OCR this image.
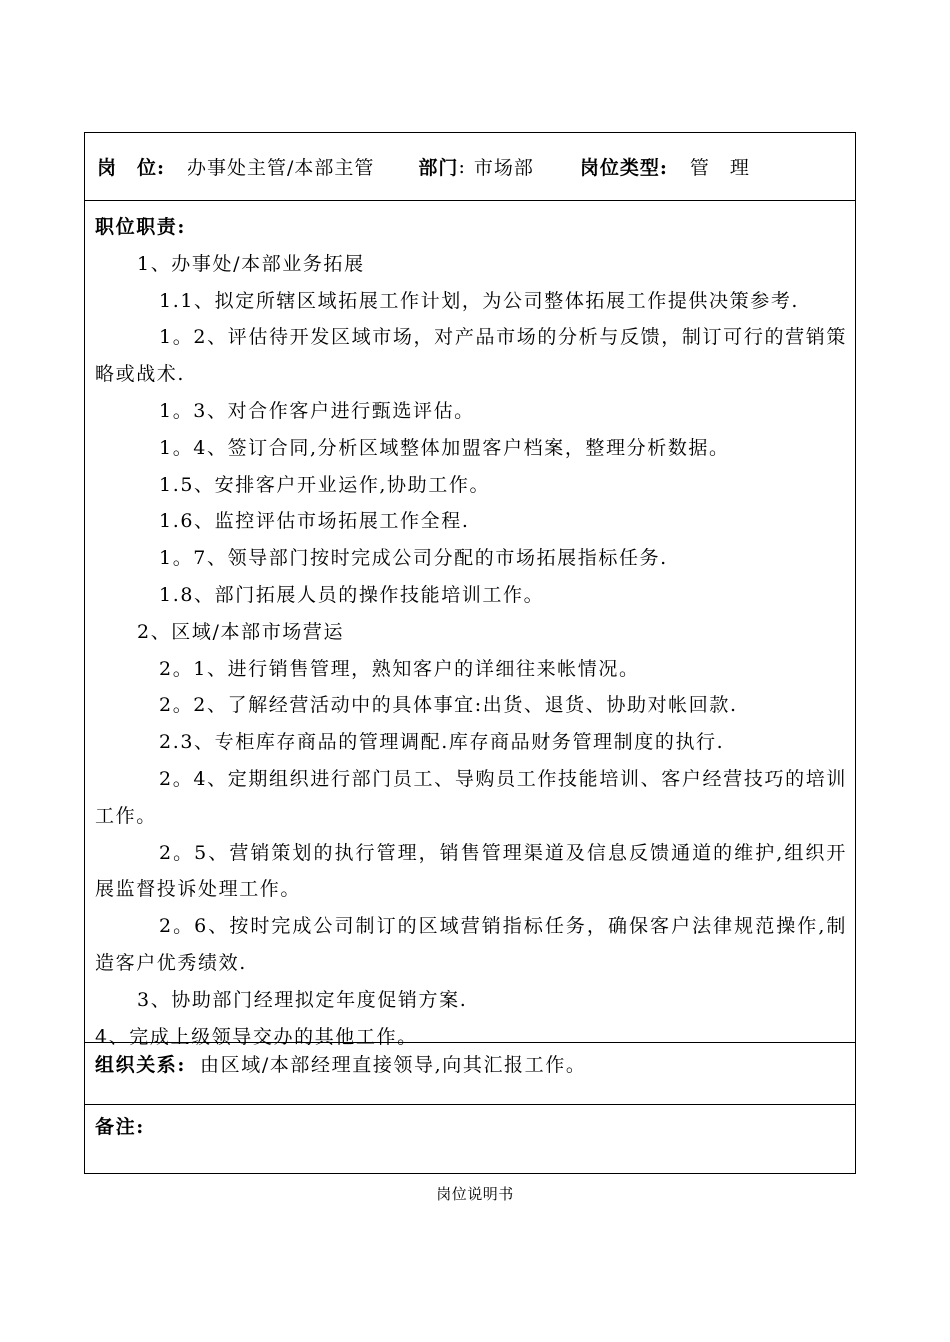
岗　位: 办事处主管/本部主管 部门 : 市场部 岗位类型: 管　理

职位职责:

1、办事处/本部业务拓展

1.1、拟定所辖区域拓展工作计划，为公司整体拓展工作提供决策参考.

1。2、评估待开发区域市场，对产品市场的分析与反馈，制订可行的营销策略或战术.

1。3、对合作客户进行甄选评估。

1。4、签订合同,分析区域整体加盟客户档案，整理分析数据。

1.5、安排客户开业运作,协助工作。

1.6、监控评估市场拓展工作全程.

1。7、领导部门按时完成公司分配的市场拓展指标任务.

1.8、部门拓展人员的操作技能培训工作。

2、区域/本部市场营运

2。1、进行销售管理，熟知客户的详细往来帐情况。

2。2、了解经营活动中的具体事宜:出货、退货、协助对帐回款.

2.3、专柜库存商品的管理调配.库存商品财务管理制度的执行.

2。4、定期组织进行部门员工、导购员工作技能培训、客户经营技巧的培训工作。

2。5、营销策划的执行管理，销售管理渠道及信息反馈通道的维护,组织开展监督投诉处理工作。

2。6、按时完成公司制订的区域营销指标任务，确保客户法律规范操作,制造客户优秀绩效.

3、协助部门经理拟定年度促销方案.

4、完成上级领导交办的其他工作。

组织关系: 由区域/本部经理直接领导,向其汇报工作。

备注:

岗位说明书
